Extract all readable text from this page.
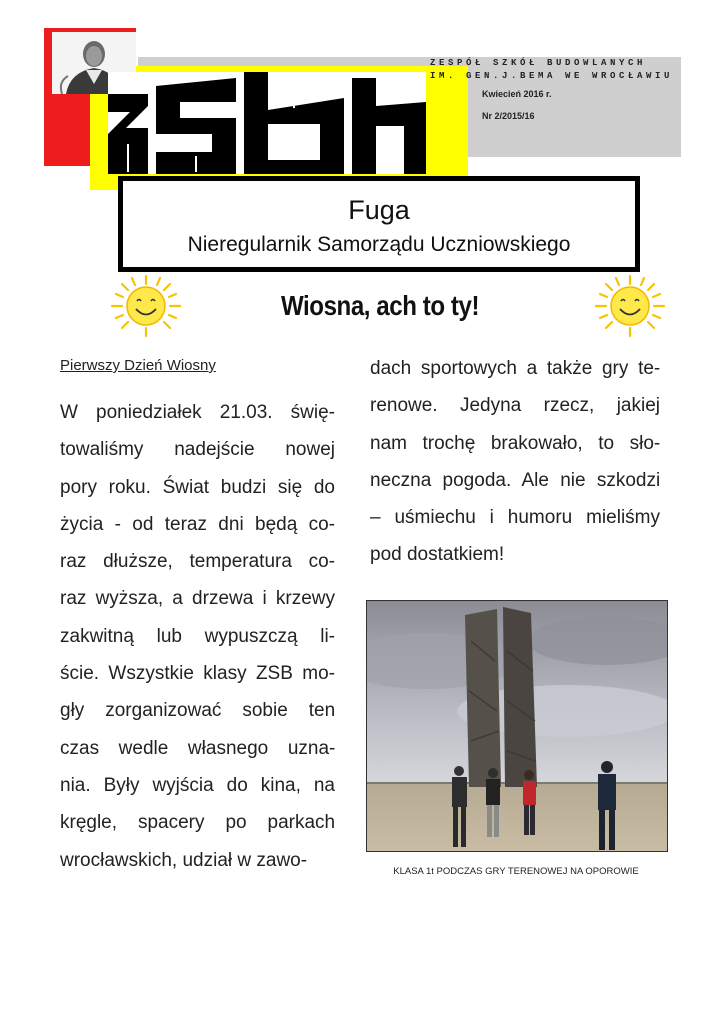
ZESPÓŁ SZKÓŁ BUDOWLANYCH
IM. GEN.J.BEMA WE WROCŁAWIU
Kwiecień 2016 r.
Nr 2/2015/16
Fuga
Nieregularnik Samorządu Uczniowskiego
Wiosna, ach to ty!
Pierwszy Dzień Wiosny
W poniedziałek 21.03. świę-
towaliśmy nadejście nowej
pory roku. Świat budzi się do
życia - od teraz dni będą co-
raz dłuższe, temperatura co-
raz wyższa, a drzewa i krzewy
zakwitną lub wypuszczą li-
ście. Wszystkie klasy ZSB mo-
gły zorganizować sobie ten
czas wedle własnego uzna-
nia. Były wyjścia do kina, na
kręgle, spacery po parkach
wrocławskich, udział w zawo-
dach sportowych a także gry te-
renowe. Jedyna rzecz, jakiej
nam trochę brakowało, to sło-
neczna pogoda. Ale nie szkodzi
– uśmiechu i humoru mieliśmy
pod dostatkiem!
KLASA 1t PODCZAS GRY TERENOWEJ NA OPOROWIE
